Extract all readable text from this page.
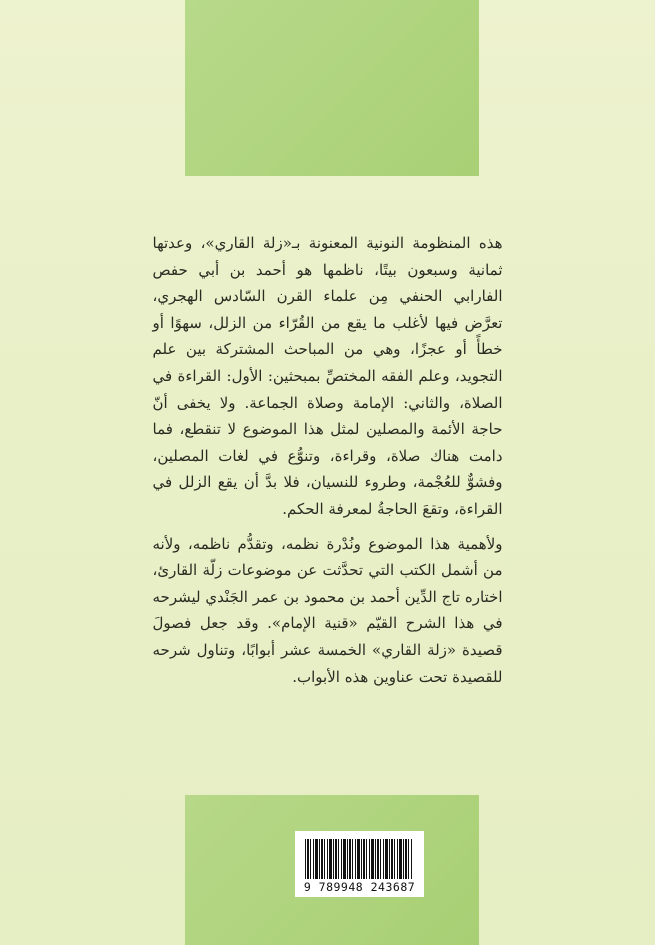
هذه المنظومة النونية المعنونة بـ«زلة القاري»، وعدتها ثمانية وسبعون بيتًا، ناظمها هو أحمد بن أبي حفص الفارابي الحنفي مِن علماء القرن السّادس الهجري، تعرَّض فيها لأغلب ما يقع من القُرّاء من الزلل، سهوًا أو خطأً أو عجزًا، وهي من المباحث المشتركة بين علم التجويد، وعلم الفقه المختصِّ بمبحثين: الأول: القراءة في الصلاة، والثاني: الإمامة وصلاة الجماعة. ولا يخفى أنّ حاجة الأئمة والمصلين لمثل هذا الموضوع لا تنقطع، فما دامت هناك صلاة، وقراءة، وتنوُّع في لغات المصلين، وفشوٌّ للعُجْمة، وطروء للنسيان، فلا بدَّ أن يقع الزلل في القراءة، وتقعَ الحاجةُ لمعرفة الحكم.

ولأهمية هذا الموضوع ونُدْرة نظمه، وتقدُّم ناظمه، ولأنه من أشمل الكتب التي تحدَّثت عن موضوعات زلّة القارئ، اختاره تاج الدِّين أحمد بن محمود بن عمر الجَنْدي ليشرحه في هذا الشرح القيّم «قنية الإمام». وقد جعل فصولَ قصيدة «زلة القاري» الخمسة عشر أبوابًا، وتناول شرحه للقصيدة تحت عناوين هذه الأبواب.

9 789948 243687
